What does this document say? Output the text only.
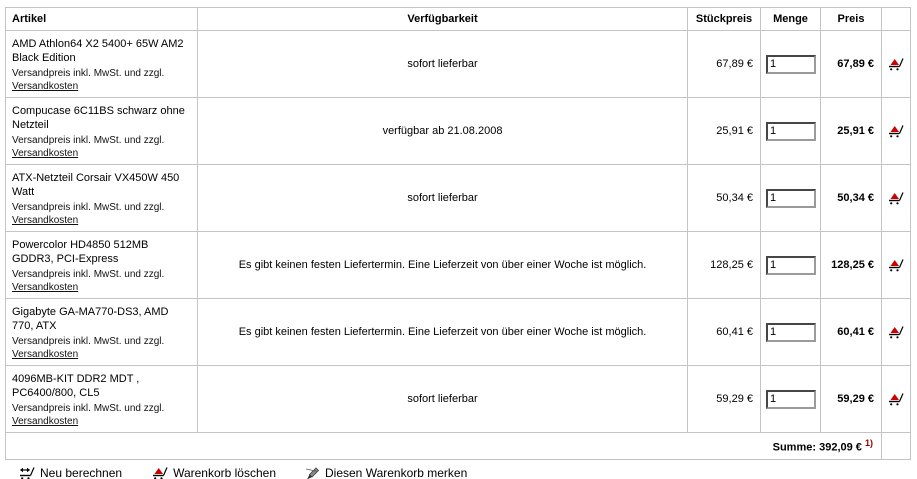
Artikel	Verfügbarkeit	Stückpreis	Menge	Preis	

AMD Athlon64 X2 5400+ 65W AM2 Black Edition
Versandpreis inkl. MwSt. und zzgl.
Versandkosten	sofort lieferbar	67,89 €	1	67,89 €	

Compucase 6C11BS schwarz ohne Netzteil
Versandpreis inkl. MwSt. und zzgl.
Versandkosten	verfügbar ab 21.08.2008	25,91 €	1	25,91 €	

ATX-Netzteil Corsair VX450W 450 Watt
Versandpreis inkl. MwSt. und zzgl.
Versandkosten	sofort lieferbar	50,34 €	1	50,34 €	

Powercolor HD4850 512MB GDDR3, PCI-Express
Versandpreis inkl. MwSt. und zzgl.
Versandkosten	Es gibt keinen festen Liefertermin. Eine Lieferzeit von über einer Woche ist möglich.	128,25 €	1	128,25 €	

Gigabyte GA-MA770-DS3, AMD 770, ATX
Versandpreis inkl. MwSt. und zzgl.
Versandkosten	Es gibt keinen festen Liefertermin. Eine Lieferzeit von über einer Woche ist möglich.	60,41 €	1	60,41 €	

4096MB-KIT DDR2 MDT , PC6400/800, CL5
Versandpreis inkl. MwSt. und zzgl.
Versandkosten	sofort lieferbar	59,29 €	1	59,29 €	
Summe: 392,09 € $^{1)}$	
Neu berechnen	Warenkorb löschen	Diesen Warenkorb merken
